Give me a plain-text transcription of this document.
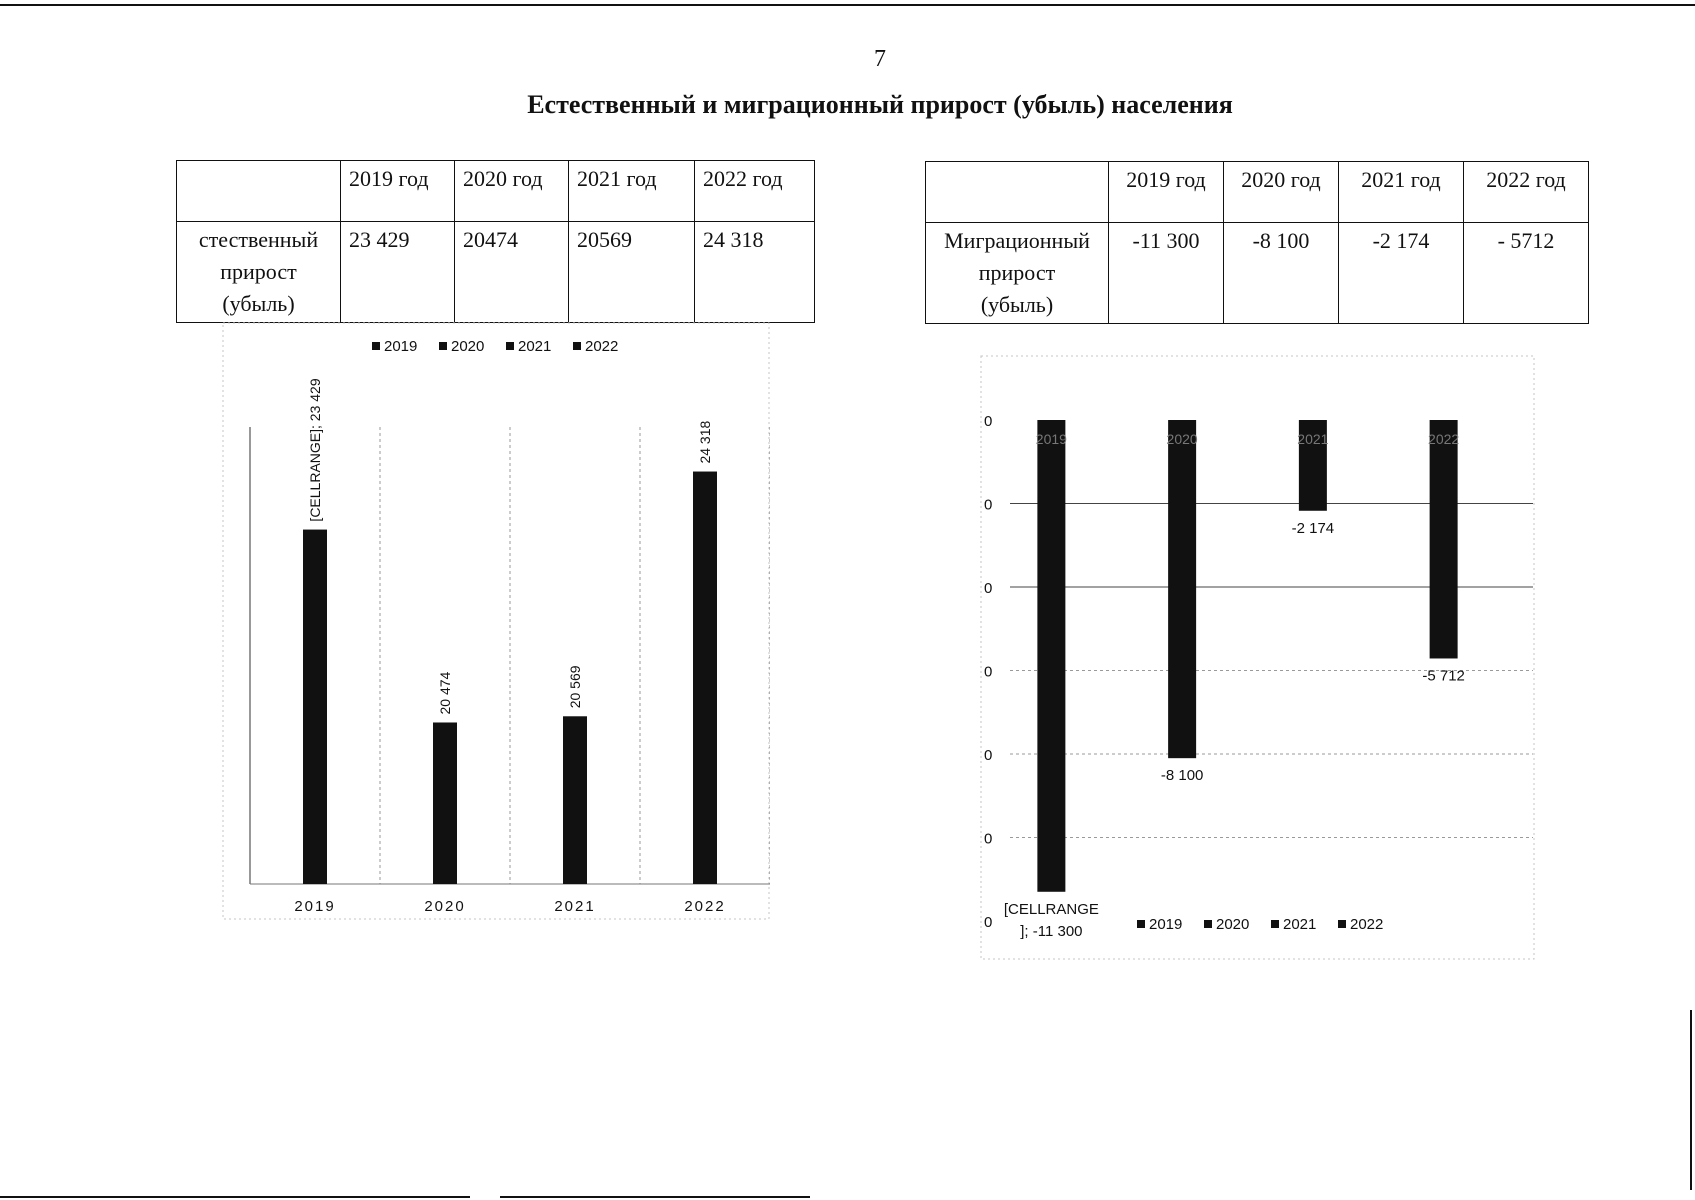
7
Естественный и миграционный прирост (убыль) населения
	2019 год	2020 год	2021 год	2022 год

стественный
прирост
(убыль)	23 429	20474	20569	24 318
	2019 год	2020 год	2021 год	2022 год

Миграционный
прирост
(убыль)	-11 300	-8 100	-2 174	- 5712
2019 2020 2021 2022
[CELLRANGE]; 23 429
2019
20 474
2020
20 569
2021
24 318
2022
0
0
0
0
0
0
0
2019
[CELLRANGE
]; -11 300
2020
-8 100
2021
-2 174
2022
-5 712
2019 2020 2021 2022
